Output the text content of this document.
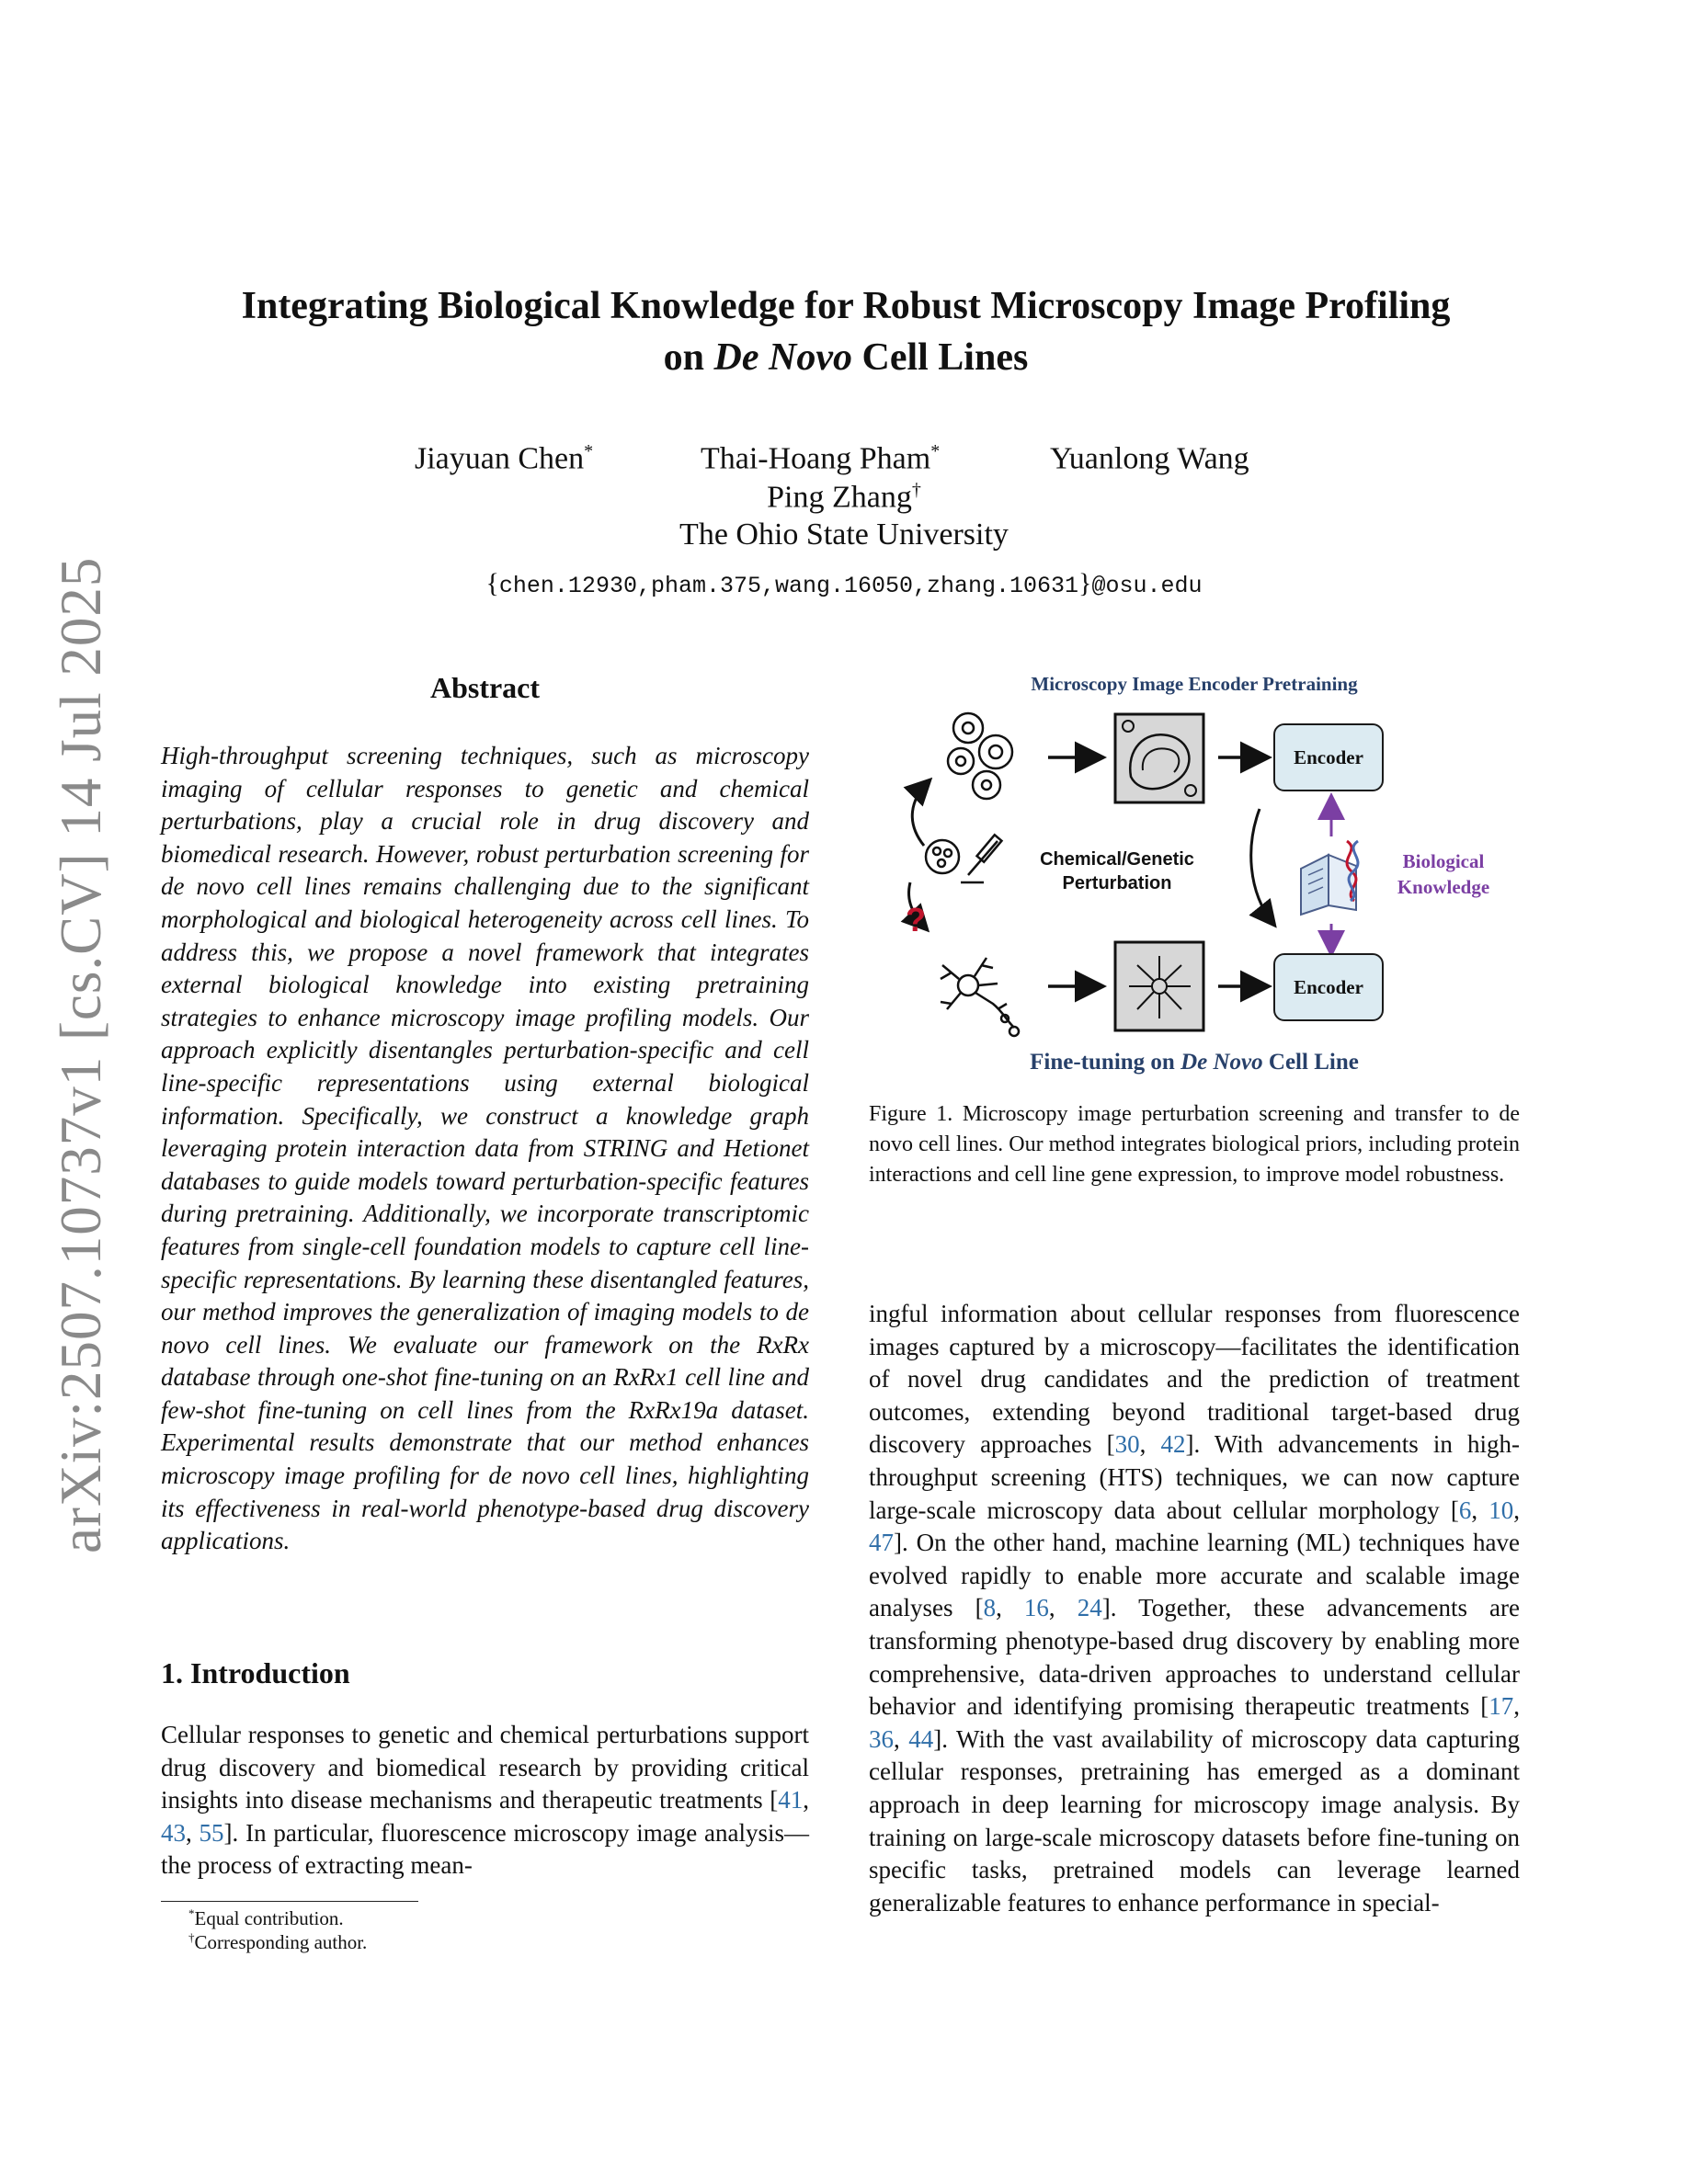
arXiv:2507.10737v1 [cs.CV] 14 Jul 2025
Integrating Biological Knowledge for Robust Microscopy Image Profiling
on De Novo Cell Lines
Jiayuan Chen*	Thai-Hoang Pham*	Yuanlong Wang
Ping Zhang†
The Ohio State University
{chen.12930,pham.375,wang.16050,zhang.10631}@osu.edu
Abstract
High-throughput screening techniques, such as microscopy imaging of cellular responses to genetic and chemical perturbations, play a crucial role in drug discovery and biomedical research. However, robust perturbation screening for de novo cell lines remains challenging due to the significant morphological and biological heterogeneity across cell lines. To address this, we propose a novel framework that integrates external biological knowledge into existing pretraining strategies to enhance microscopy image profiling models. Our approach explicitly disentangles perturbation-specific and cell line-specific representations using external biological information. Specifically, we construct a knowledge graph leveraging protein interaction data from STRING and Hetionet databases to guide models toward perturbation-specific features during pretraining. Additionally, we incorporate transcriptomic features from single-cell foundation models to capture cell line-specific representations. By learning these disentangled features, our method improves the generalization of imaging models to de novo cell lines. We evaluate our framework on the RxRx database through one-shot fine-tuning on an RxRx1 cell line and few-shot fine-tuning on cell lines from the RxRx19a dataset. Experimental results demonstrate that our method enhances microscopy image profiling for de novo cell lines, highlighting its effectiveness in real-world phenotype-based drug discovery applications.
1. Introduction
Cellular responses to genetic and chemical perturbations support drug discovery and biomedical research by providing critical insights into disease mechanisms and therapeutic treatments [41, 43, 55]. In particular, fluorescence microscopy image analysis—the process of extracting mean-
*Equal contribution.
†Corresponding author.
Microscopy Image Encoder Pretraining
?
Encoder
Encoder
Chemical/Genetic
Perturbation
Biological
Knowledge
Fine-tuning on De Novo Cell Line
Figure 1. Microscopy image perturbation screening and transfer to de novo cell lines. Our method integrates biological priors, including protein interactions and cell line gene expression, to improve model robustness.
ingful information about cellular responses from fluorescence images captured by a microscopy—facilitates the identification of novel drug candidates and the prediction of treatment outcomes, extending beyond traditional target-based drug discovery approaches [30, 42]. With advancements in high-throughput screening (HTS) techniques, we can now capture large-scale microscopy data about cellular morphology [6, 10, 47]. On the other hand, machine learning (ML) techniques have evolved rapidly to enable more accurate and scalable image analyses [8, 16, 24]. Together, these advancements are transforming phenotype-based drug discovery by enabling more comprehensive, data-driven approaches to understand cellular behavior and identifying promising therapeutic treatments [17, 36, 44]. With the vast availability of microscopy data capturing cellular responses, pretraining has emerged as a dominant approach in deep learning for microscopy image analysis. By training on large-scale microscopy datasets before fine-tuning on specific tasks, pretrained models can leverage learned generalizable features to enhance performance in special-
